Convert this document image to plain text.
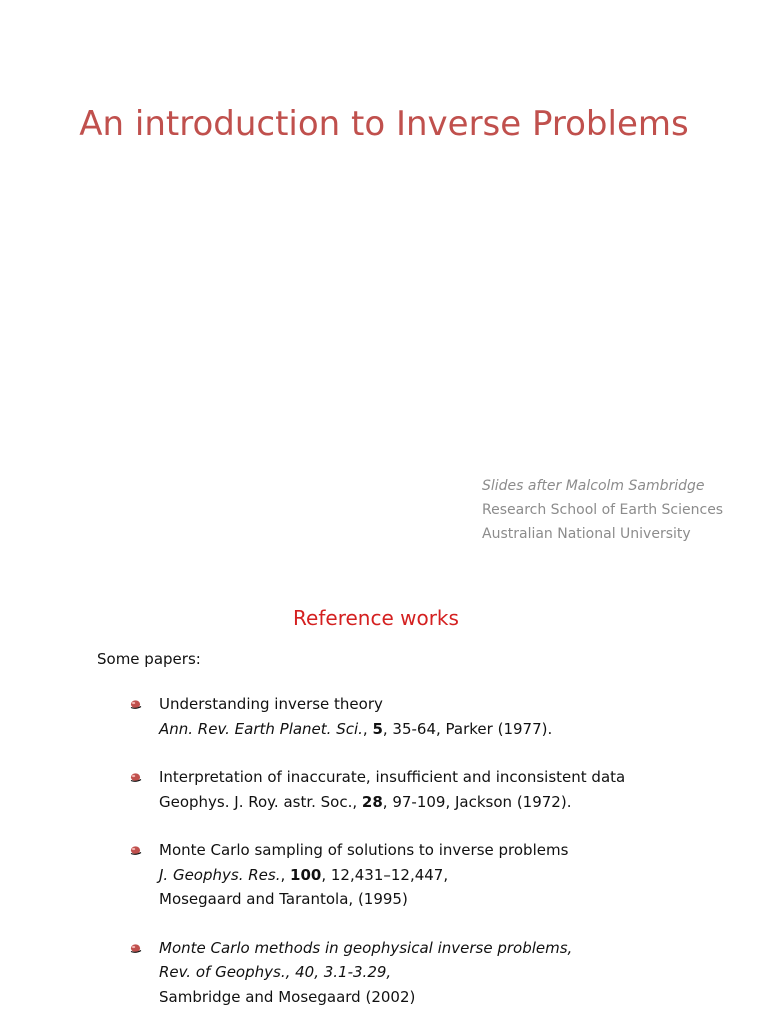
An introduction to Inverse Problems
Slides after Malcolm Sambridge
Research School of Earth Sciences
Australian National University
Reference works
Some papers:
Understanding inverse theory
Ann. Rev. Earth Planet. Sci., 5, 35-64, Parker (1977).
Interpretation of inaccurate, insufficient and inconsistent data
Geophys. J. Roy. astr. Soc., 28, 97-109, Jackson (1972).
Monte Carlo sampling of solutions to inverse problems
J. Geophys. Res., 100, 12,431–12,447,
Mosegaard and Tarantola, (1995)
Monte Carlo methods in geophysical inverse problems,
Rev. of Geophys., 40, 3.1-3.29,
Sambridge and Mosegaard (2002)
